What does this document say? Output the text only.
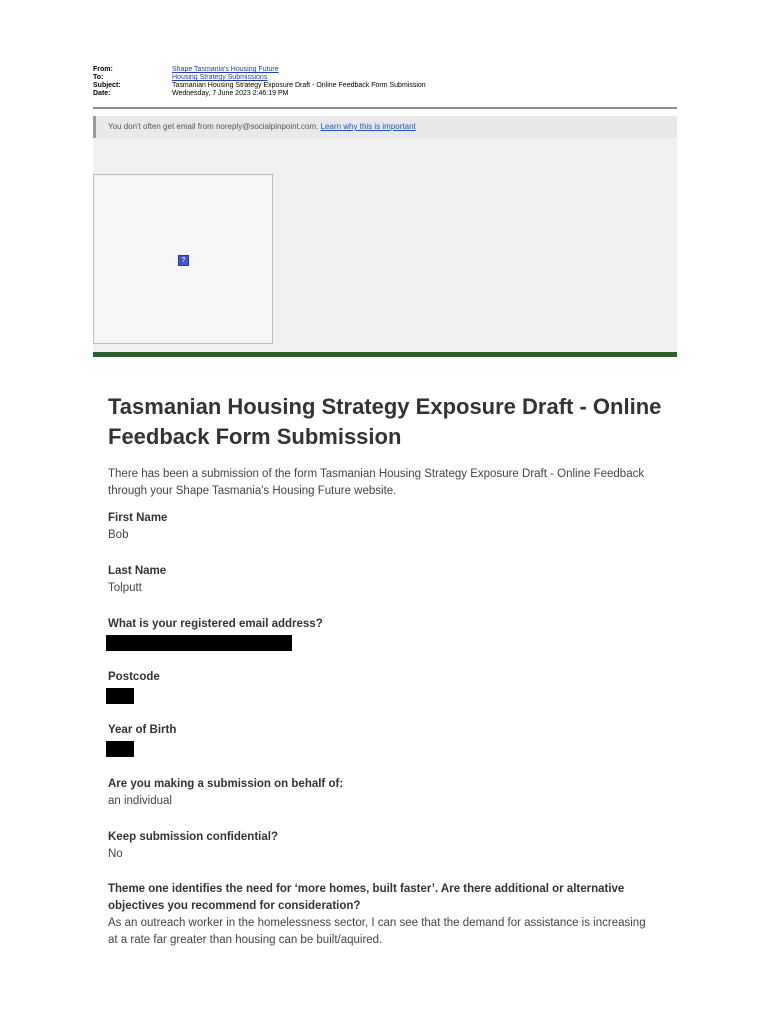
From:	Shape Tasmania's Housing Future
To:	Housing Strategy Submissions
Subject:	Tasmanian Housing Strategy Exposure Draft - Online Feedback Form Submission
Date:	Wednesday, 7 June 2023 2:46:19 PM
You don't often get email from noreply@socialpinpoint.com. Learn why this is important
?
Tasmanian Housing Strategy Exposure Draft - Online Feedback Form Submission

There has been a submission of the form Tasmanian Housing Strategy Exposure Draft - Online Feedback through your Shape Tasmania's Housing Future website.

First Name
Bob
Last Name
Tolputt
What is your registered email address?
Postcode
Year of Birth
Are you making a submission on behalf of:
an individual
Keep submission confidential?
No
Theme one identifies the need for ‘more homes, built faster’. Are there additional or alternative objectives you recommend for consideration?
As an outreach worker in the homelessness sector, I can see that the demand for assistance is increasing at a rate far greater than housing can be built/aquired.
